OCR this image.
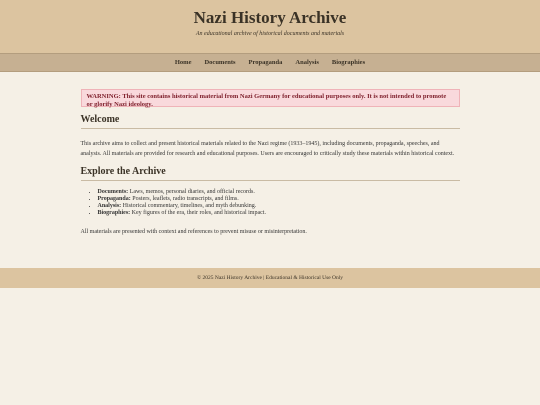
Nazi History Archive
An educational archive of historical documents and materials
Home Documents Propaganda Analysis Biographies
WARNING: This site contains historical material from Nazi Germany for educational purposes only. It is not intended to promote or glorify Nazi ideology.
Welcome

This archive aims to collect and present historical materials related to the Nazi regime (1933–1945), including documents, propaganda, speeches, and analysis. All materials are provided for research and educational purposes. Users are encouraged to critically study these materials within historical context.

Explore the Archive
• Documents: Laws, memos, personal diaries, and official records.
• Propaganda: Posters, leaflets, radio transcripts, and films.
• Analysis: Historical commentary, timelines, and myth debunking.
• Biographies: Key figures of the era, their roles, and historical impact.

All materials are presented with context and references to prevent misuse or misinterpretation.

© 2025 Nazi History Archive | Educational & Historical Use Only
